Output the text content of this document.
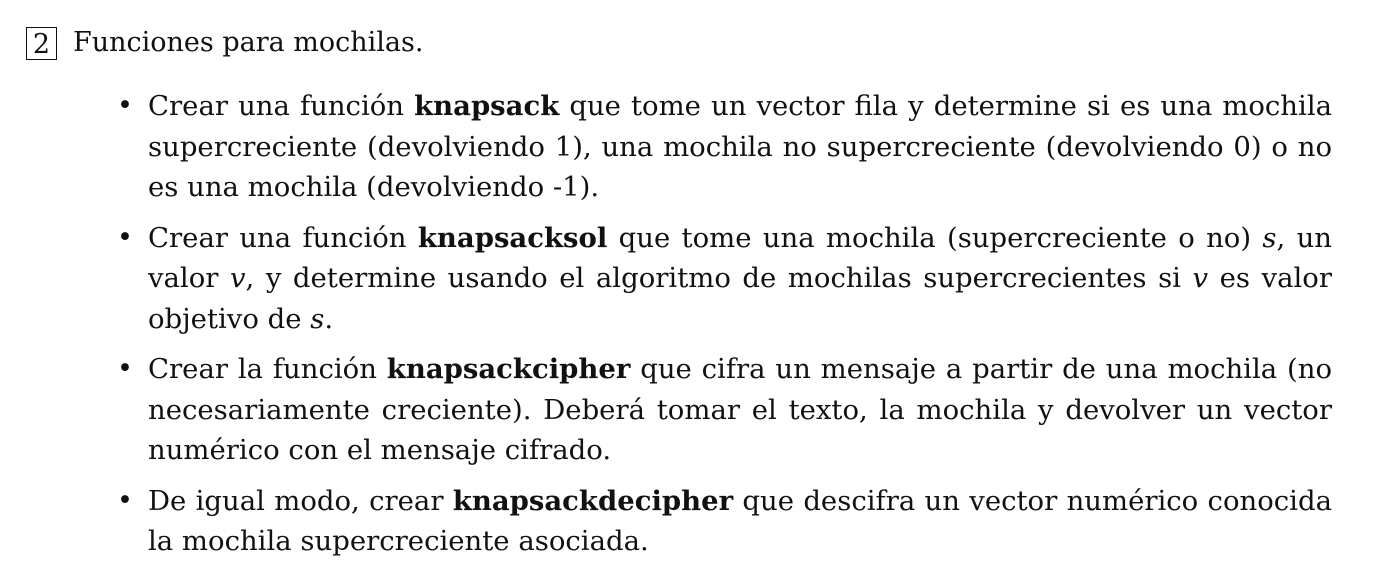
2 Funciones para mochilas.
• Crear una función knapsack que tome un vector fila y determine si es una mochila supercreciente (devolviendo 1), una mochila no supercreciente (devolviendo 0) o no es una mochila (devolviendo -1).
• Crear una función knapsacksol que tome una mochila (supercreciente o no) s, un valor v, y determine usando el algoritmo de mochilas supercrecientes si v es valor objetivo de s.
• Crear la función knapsackcipher que cifra un mensaje a partir de una mochila (no necesariamente creciente). Deberá tomar el texto, la mochila y devolver un vector numérico con el mensaje cifrado.
• De igual modo, crear knapsackdecipher que descifra un vector numérico conocida la mochila supercreciente asociada.
